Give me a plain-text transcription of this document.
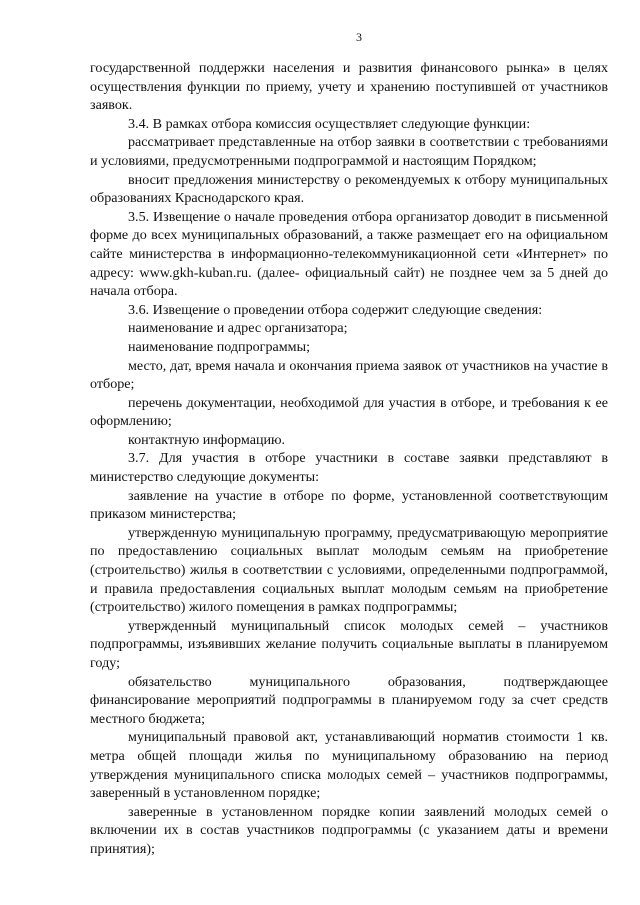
3

государственной поддержки населения и развития финансового рынка» в целях осуществления функции по приему, учету и хранению поступившей от участников заявок.

3.4. В рамках отбора комиссия осуществляет следующие функции:

рассматривает представленные на отбор заявки в соответствии с требованиями и условиями, предусмотренными подпрограммой и настоящим Порядком;

вносит предложения министерству о рекомендуемых к отбору муниципальных образованиях Краснодарского края.

3.5. Извещение о начале проведения отбора организатор доводит в письменной форме до всех муниципальных образований, а также размещает его на официальном сайте министерства в информационно-телекоммуникационной сети «Интернет» по адресу: www.gkh-kuban.ru. (далее- официальный сайт) не позднее чем за 5 дней до начала отбора.

3.6. Извещение о проведении отбора содержит следующие сведения:

наименование и адрес организатора;

наименование подпрограммы;

место, дат, время начала и окончания приема заявок от участников на участие в отборе;

перечень документации, необходимой для участия в отборе, и требования к ее оформлению;

контактную информацию.

3.7. Для участия в отборе участники в составе заявки представляют в министерство следующие документы:

заявление на участие в отборе по форме, установленной соответствующим приказом министерства;

утвержденную муниципальную программу, предусматривающую мероприятие по предоставлению социальных выплат молодым семьям на приобретение (строительство) жилья в соответствии с условиями, определенными подпрограммой, и правила предоставления социальных выплат молодым семьям на приобретение (строительство) жилого помещения в рамках подпрограммы;

утвержденный муниципальный список молодых семей – участников подпрограммы, изъявивших желание получить социальные выплаты в планируемом году;

обязательство муниципального образования, подтверждающее финансирование мероприятий подпрограммы в планируемом году за счет средств местного бюджета;

муниципальный правовой акт, устанавливающий норматив стоимости 1 кв. метра общей площади жилья по муниципальному образованию на период утверждения муниципального списка молодых семей – участников подпрограммы, заверенный в установленном порядке;

заверенные в установленном порядке копии заявлений молодых семей о включении их в состав участников подпрограммы (с указанием даты и времени принятия);
